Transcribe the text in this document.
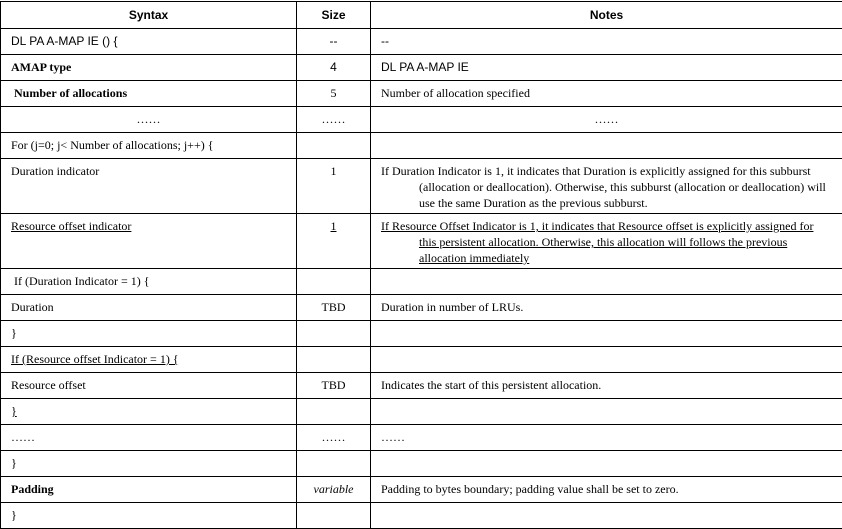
Syntax	Size	Notes
DL PA A-MAP IE () {	--	--
AMAP type	4	DL PA A-MAP IE
Number of allocations	5	Number of allocation specified
……	……	……
For (j=0; j< Number of allocations; j++) {		
Duration indicator	1	If Duration Indicator is 1, it indicates that Duration is explicitly assigned for this subburst (allocation or deallocation). Otherwise, this subburst (allocation or deallocation) will use the same Duration as the previous subburst.

Resource offset indicator	1	If Resource Offset Indicator is 1, it indicates that Resource offset is explicitly assigned for this persistent allocation. Otherwise, this allocation will follows the previous allocation immediately

If (Duration Indicator = 1) {		
Duration	TBD	Duration in number of LRUs.
}		
If (Resource offset Indicator = 1) {		
Resource offset	TBD	Indicates the start of this persistent allocation.
}		
……	……	……
}		
Padding	variable	Padding to bytes boundary; padding value shall be set to zero.
}		
